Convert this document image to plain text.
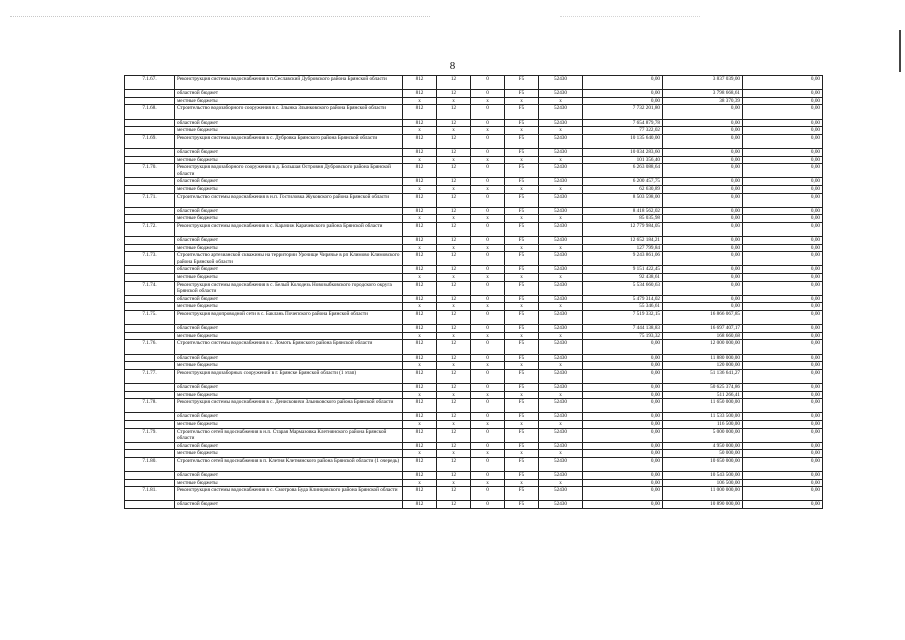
8
7.1.67.	Реконструкция системы водоснабжения в п.Сеславский Дубровского района Брянской области	812	12	0	F5	52430	0,00	3 837 039,00	0,00
	областной бюджет	812	12	0	F5	52430	0,00	3 798 668,61	0,00
	местные бюджеты	x	x	x	x	x	0,00	38 370,39	0,00
7.1.68.	Строительство водозаборного сооружения в с. Злынка Злынковского района Брянской области	812	12	0	F5	52430	7 732 201,80	0,00	0,00
	областной бюджет	812	12	0	F5	52430	7 654 879,78	0,00	0,00
	местные бюджеты	x	x	x	x	x	77 322,02	0,00	0,00
7.1.69.	Реконструкция системы водоснабжения в с. Дубровка Брянского района Брянской области	812	12	0	F5	52430	10 135 640,00	0,00	0,00
	областной бюджет	812	12	0	F5	52430	10 034 283,60	0,00	0,00
	местные бюджеты	x	x	x	x	x	101 356,40	0,00	0,00
7.1.70.	Реконструкция водозаборного сооружения в д. Большая Островня Дубровского района Брянской области	812	12	0	F5	52430	6 263 088,64	0,00	0,00
	областной бюджет	812	12	0	F5	52430	6 200 457,75	0,00	0,00
	местные бюджеты	x	x	x	x	x	62 630,89	0,00	0,00
7.1.71.	Строительство системы водоснабжения в н.п. Гостиловка Жуковского района Брянской области	812	12	0	F5	52430	8 503 598,00	0,00	0,00
	областной бюджет	812	12	0	F5	52430	8 418 562,02	0,00	0,00
	местные бюджеты	x	x	x	x	x	85 035,98	0,00	0,00
7.1.72.	Реконструкция системы водоснабжения в с. Карачиж Карачевского района Брянской области	812	12	0	F5	52430	12 779 984,05	0,00	0,00
	областной бюджет	812	12	0	F5	52430	12 652 184,21	0,00	0,00
	местные бюджеты	x	x	x	x	x	127 799,84	0,00	0,00
7.1.73.	Строительство артезианской скважины на территории Урочище Чирячье в рп Климово Климовского района Брянской области	812	12	0	F5	52430	9 243 861,06	0,00	0,00
	областной бюджет	812	12	0	F5	52430	9 151 422,45	0,00	0,00
	местные бюджеты	x	x	x	x	x	92 438,61	0,00	0,00
7.1.74.	Реконструкция системы водоснабжения в с. Белый Колодезь Новозыбковского городского округа Брянской области	812	12	0	F5	52430	5 534 660,63	0,00	0,00
	областной бюджет	812	12	0	F5	52430	5 479 314,02	0,00	0,00
	местные бюджеты	x	x	x	x	x	55 346,61	0,00	0,00
7.1.75.	Реконструкция водопроводной сети в с. Баклань Почепского района Брянской области	812	12	0	F5	52430	7 519 332,15	16 866 067,85	0,00
	областной бюджет	812	12	0	F5	52430	7 444 138,83	16 697 407,17	0,00
	местные бюджеты	x	x	x	x	x	75 193,32	168 660,68	0,00
7.1.76.	Строительство системы водоснабжения в с. Ломоть Брянского района Брянской области	812	12	0	F5	52430	0,00	12 000 000,00	0,00
	областной бюджет	812	12	0	F5	52430	0,00	11 880 000,00	0,00
	местные бюджеты	x	x	x	x	x	0,00	120 000,00	0,00
7.1.77.	Реконструкция водозаборных сооружений в г. Брянске Брянской области (1 этап)	812	12	0	F5	52430	0,00	51 136 641,27	0,00
	областной бюджет	812	12	0	F5	52430	0,00	50 625 374,86	0,00
	местные бюджеты	x	x	x	x	x	0,00	511 266,41	0,00
7.1.78.	Реконструкция системы водоснабжения в с. Денисковичи Злынковского района Брянской области	812	12	0	F5	52430	0,00	11 650 000,00	0,00
	областной бюджет	812	12	0	F5	52430	0,00	11 533 500,00	0,00
	местные бюджеты	x	x	x	x	x	0,00	116 500,00	0,00
7.1.79.	Строительство сетей водоснабжения в н.п. Старая Мармазовка Клетнянского района Брянской области	812	12	0	F5	52430	0,00	5 000 000,00	0,00
	областной бюджет	812	12	0	F5	52430	0,00	4 950 000,00	0,00
	местные бюджеты	x	x	x	x	x	0,00	50 000,00	0,00
7.1.80.	Строительство сетей водоснабжения в п. Клетня Клетнянского района Брянской области (1 очередь)	812	12	0	F5	52430	0,00	10 650 000,00	0,00
	областной бюджет	812	12	0	F5	52430	0,00	10 543 500,00	0,00
	местные бюджеты	x	x	x	x	x	0,00	106 500,00	0,00
7.1.81.	Реконструкция системы водоснабжения в с. Смотрова Буда Клинцовского района Брянской области	812	12	0	F5	52430	0,00	11 000 000,00	0,00
	областной бюджет	812	12	0	F5	52430	0,00	10 890 000,00	0,00
